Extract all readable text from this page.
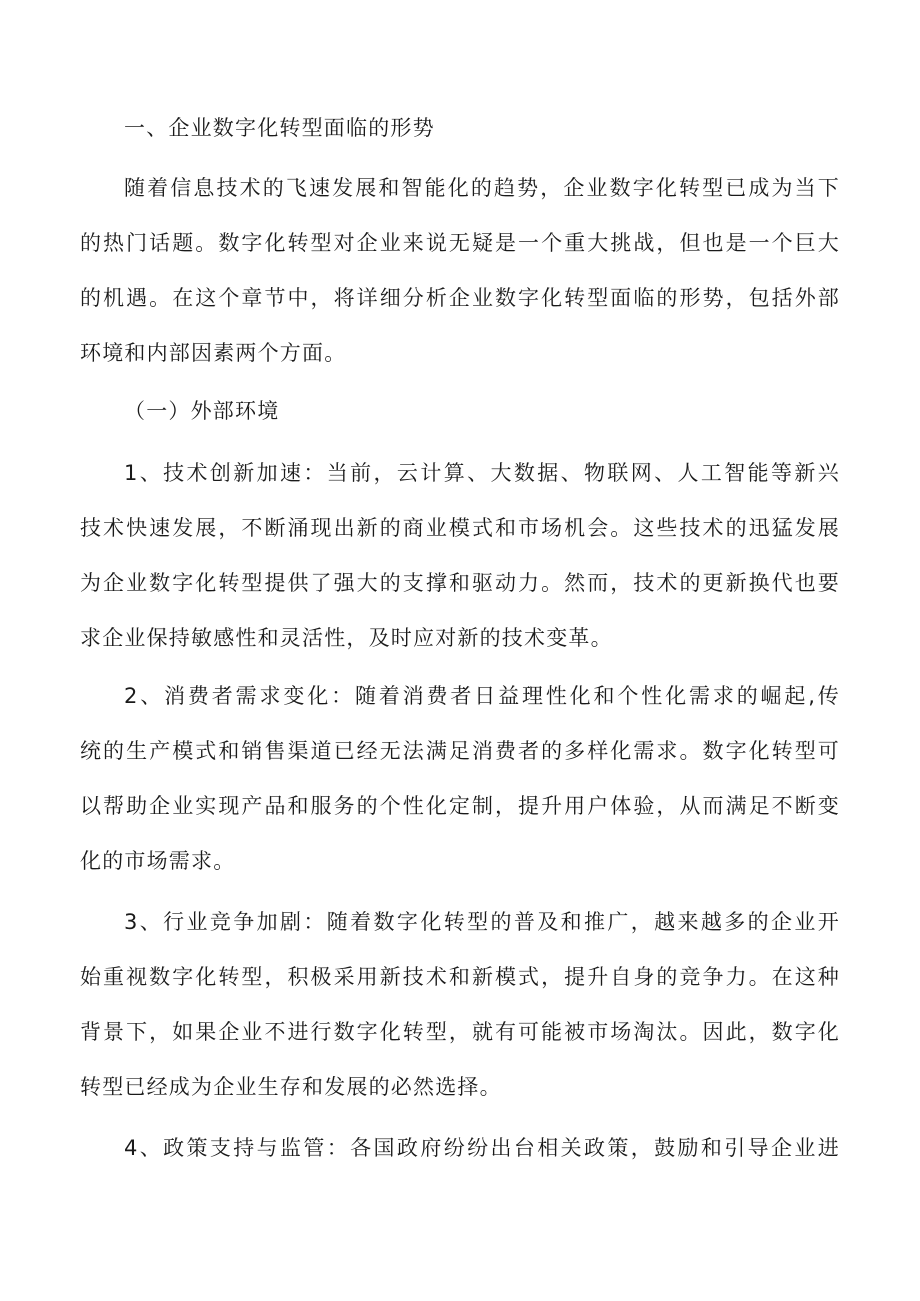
一、企业数字化转型面临的形势
随着信息技术的飞速发展和智能化的趋势，企业数字化转型已成为当下
的热门话题。数字化转型对企业来说无疑是一个重大挑战，但也是一个巨大
的机遇。在这个章节中，将详细分析企业数字化转型面临的形势，包括外部
环境和内部因素两个方面。
（一）外部环境
1、技术创新加速：当前，云计算、大数据、物联网、人工智能等新兴
技术快速发展，不断涌现出新的商业模式和市场机会。这些技术的迅猛发展
为企业数字化转型提供了强大的支撑和驱动力。然而，技术的更新换代也要
求企业保持敏感性和灵活性，及时应对新的技术变革。
2、消费者需求变化：随着消费者日益理性化和个性化需求的崛起,传
统的生产模式和销售渠道已经无法满足消费者的多样化需求。数字化转型可
以帮助企业实现产品和服务的个性化定制，提升用户体验，从而满足不断变
化的市场需求。
3、行业竞争加剧：随着数字化转型的普及和推广，越来越多的企业开
始重视数字化转型，积极采用新技术和新模式，提升自身的竞争力。在这种
背景下，如果企业不进行数字化转型，就有可能被市场淘汰。因此，数字化
转型已经成为企业生存和发展的必然选择。
4、政策支持与监管：各国政府纷纷出台相关政策，鼓励和引导企业进
